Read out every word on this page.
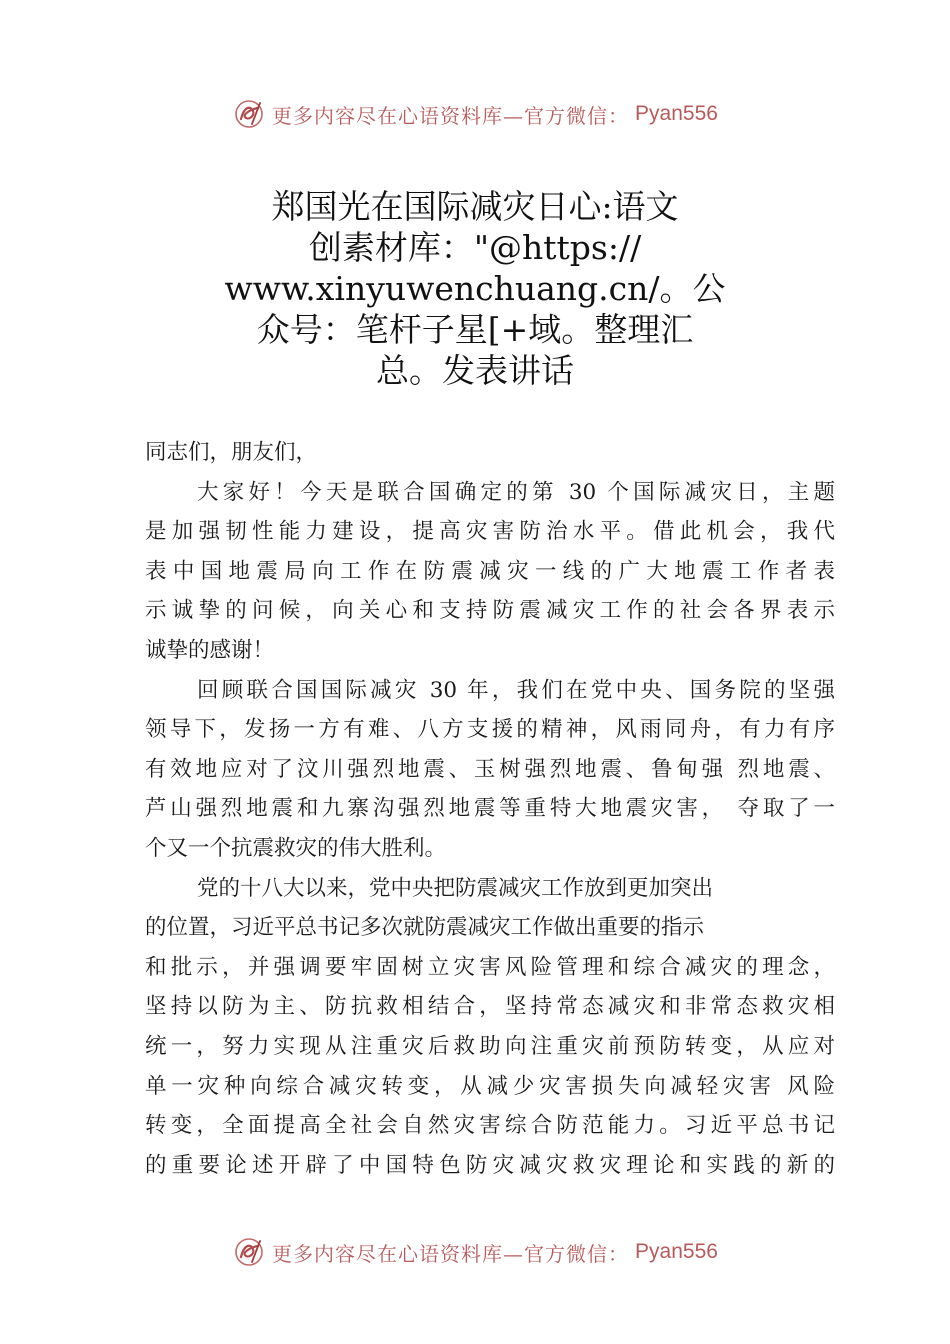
更多内容尽在心语资料库—官方微信： Pyan556
郑国光在国际减灾日心:语文
创素材库："@https://
www.xinyuwenchuang.cn/。公
众号：笔杆子星[+域。整理汇
总。发表讲话
同志们，朋友们，
大家好！今天是联合国确定的第 30 个国际减灾日，主题
是加强韧性能力建设，提高灾害防治水平。借此机会，我代
表中国地震局向工作在防震减灾一线的广大地震工作者表
示诚挚的问候，向关心和支持防震减灾工作的社会各界表示
诚挚的感谢！
回顾联合国国际减灾 30 年，我们在党中央、国务院的坚强
领导下，发扬一方有难、八方支援的精神，风雨同舟，有力有序
有效地应对了汶川强烈地震、玉树强烈地震、鲁甸强 烈地震、
芦山强烈地震和九寨沟强烈地震等重特大地震灾害， 夺取了一
个又一个抗震救灾的伟大胜利。
党的十八大以来，党中央把防震减灾工作放到更加突出
的位置，习近平总书记多次就防震减灾工作做出重要的指示
和批示，并强调要牢固树立灾害风险管理和综合减灾的理念，
坚持以防为主、防抗救相结合，坚持常态减灾和非常态救灾相
统一，努力实现从注重灾后救助向注重灾前预防转变，从应对
单一灾种向综合减灾转变，从减少灾害损失向减轻灾害 风险
转变，全面提高全社会自然灾害综合防范能力。习近平总书记
的重要论述开辟了中国特色防灾减灾救灾理论和实践的新的
更多内容尽在心语资料库—官方微信： Pyan556
